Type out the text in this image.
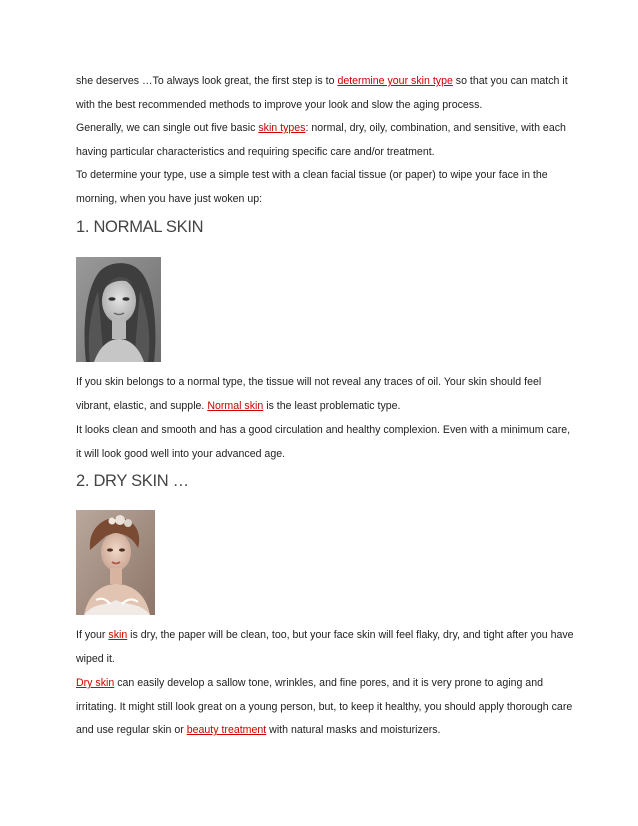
she deserves …To always look great, the first step is to determine your skin type so that you can match it with the best recommended methods to improve your look and slow the aging process.

Generally, we can single out five basic skin types: normal, dry, oily, combination, and sensitive, with each having particular characteristics and requiring specific care and/or treatment.

To determine your type, use a simple test with a clean facial tissue (or paper) to wipe your face in the morning, when you have just woken up:

1. NORMAL SKIN

If you skin belongs to a normal type, the tissue will not reveal any traces of oil. Your skin should feel

vibrant, elastic, and supple. Normal skin is the least problematic type.

It looks clean and smooth and has a good circulation and healthy complexion. Even with a minimum care, it will look good well into your advanced age.

2. DRY SKIN …

If your skin is dry, the paper will be clean, too, but your face skin will feel flaky, dry, and tight after you have wiped it.

Dry skin can easily develop a sallow tone, wrinkles, and fine pores, and it is very prone to aging and irritating. It might still look great on a young person, but, to keep it healthy, you should apply thorough care and use regular skin or beauty treatment with natural masks and moisturizers.
